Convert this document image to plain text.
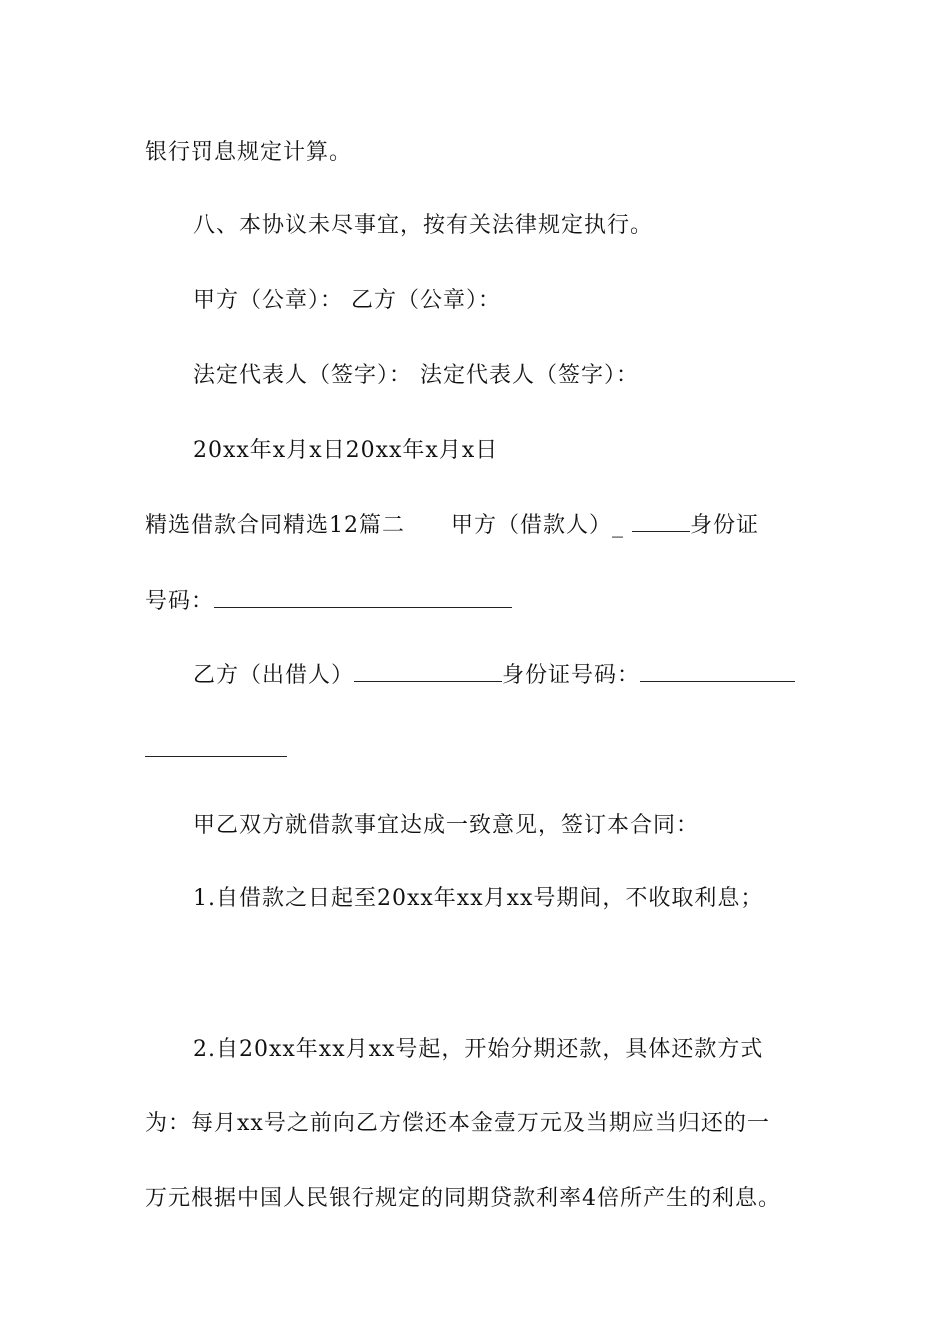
银行罚息规定计算。
八、本协议未尽事宜，按有关法律规定执行。
甲方（公章）： 乙方（公章）：
法定代表人（签字）： 法定代表人（签字）：
20xx年x月x日20xx年x月x日
精选借款合同精选12篇二 甲方（借款人）_	身份证
号码：
乙方（出借人）	身份证号码：
甲乙双方就借款事宜达成一致意见，签订本合同：
1.自借款之日起至20xx年xx月xx号期间，不收取利息；
2.自20xx年xx月xx号起，开始分期还款，具体还款方式
为：每月xx号之前向乙方偿还本金壹万元及当期应当归还的一
万元根据中国人民银行规定的同期贷款利率4倍所产生的利息。
